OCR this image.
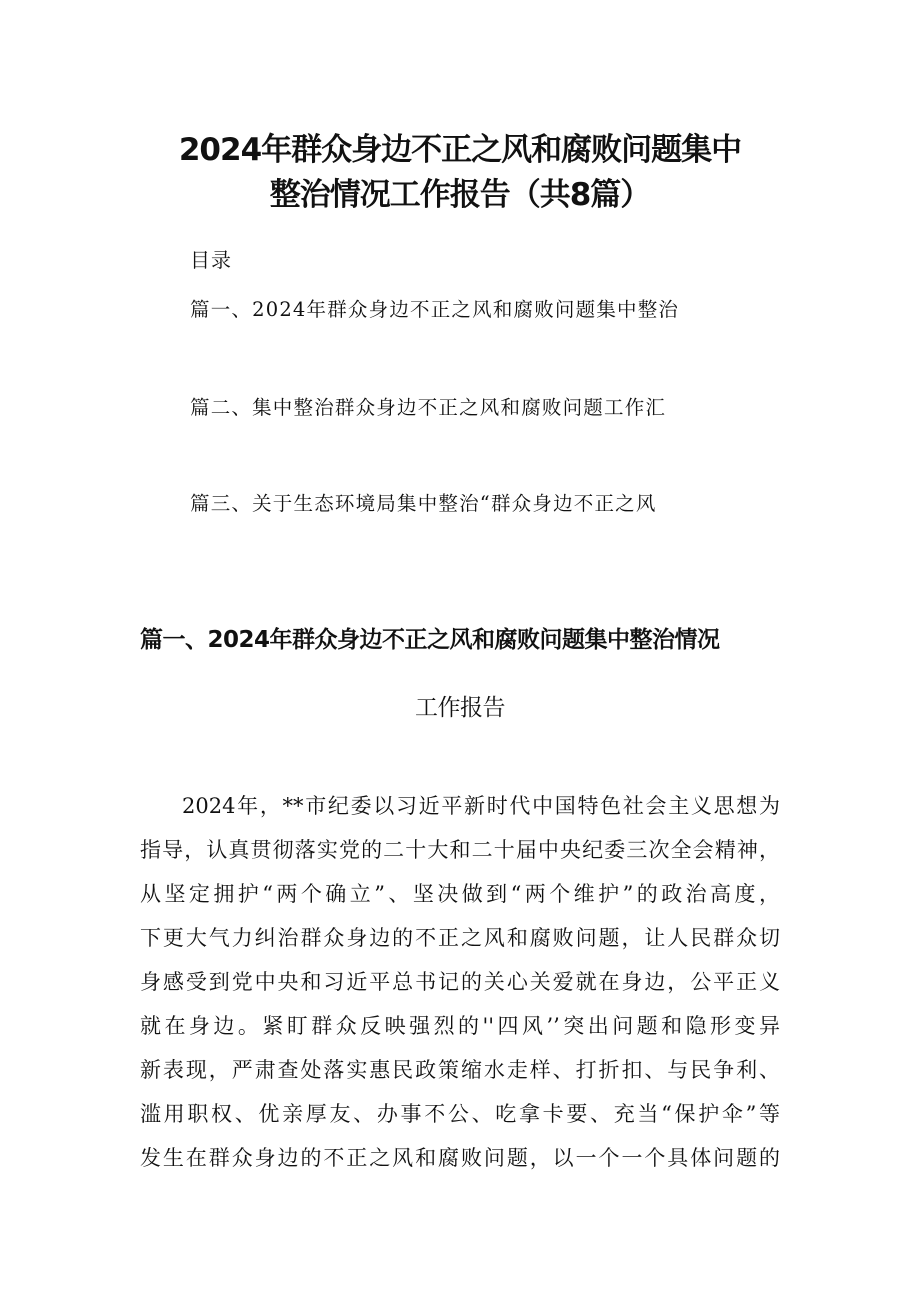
2024年群众身边不正之风和腐败问题集中
整治情况工作报告（共8篇）
目录
篇一、2024年群众身边不正之风和腐败问题集中整治
篇二、集中整治群众身边不正之风和腐败问题工作汇
篇三、关于生态环境局集中整治“群众身边不正之风
篇一、2024年群众身边不正之风和腐败问题集中整治情况
工作报告
2024年，**市纪委以习近平新时代中国特色社会主义思想为
指导，认真贯彻落实党的二十大和二十届中央纪委三次全会精神，
从坚定拥护“两个确立”、坚决做到“两个维护”的政治高度，
下更大气力纠治群众身边的不正之风和腐败问题，让人民群众切
身感受到党中央和习近平总书记的关心关爱就在身边，公平正义
就在身边。紧盯群众反映强烈的''四风’’突出问题和隐形变异
新表现，严肃查处落实惠民政策缩水走样、打折扣、与民争利、
滥用职权、优亲厚友、办事不公、吃拿卡要、充当“保护伞”等
发生在群众身边的不正之风和腐败问题，以一个一个具体问题的
